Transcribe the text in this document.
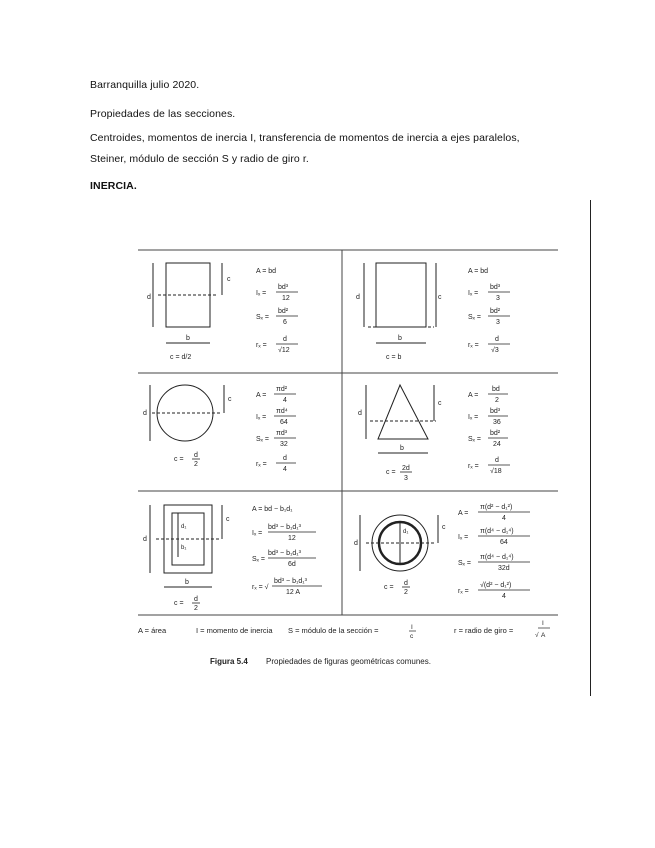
Barranquilla julio 2020.
Propiedades de las secciones.
Centroides, momentos de inercia I, transferencia de momentos de inercia a ejes paralelos,
Steiner, módulo de sección S y radio de giro r.
INERCIA.
d
c
b
c = d/2
A = bd
Iₓ =
bd³
12
Sₓ =
bd²
6
rₓ =
d
√12
d	c
b
c = b
A = bd
Iₓ =
bd³
3
Sₓ =
bd²
3
rₓ =
d
√3
d
c
c =
d
2
A =
πd²
4
Iₓ =
πd⁴
64
Sₓ =
πd³
32
rₓ =
d
4
d
c
b
c =
2d
3
A =
bd
2
Iₓ =
bd³
36
Sₓ =
bd²
24
rₓ =
d
√18
d
c
d₁
b₁
b
c =
d
2
A = bd − b₁d₁
Iₓ =
bd³ − b₁d₁³
12
Sₓ =
bd³ − b₁d₁³
6d
rₓ = √
bd³ − b₁d₁³
12 A
d
c
d₁
c =
d
2
A =
π(d² − d₁²)
4
Iₓ =
π(d⁴ − d₁⁴)
64
Sₓ =
π(d⁴ − d₁⁴)
32d
rₓ =
√(d² − d₁²)
4
A = área	I = momento de inercia S = módulo de la sección =	I
c
r = radio de giro =
I
√ A
Figura 5.4 Propiedades de figuras geométricas comunes.
